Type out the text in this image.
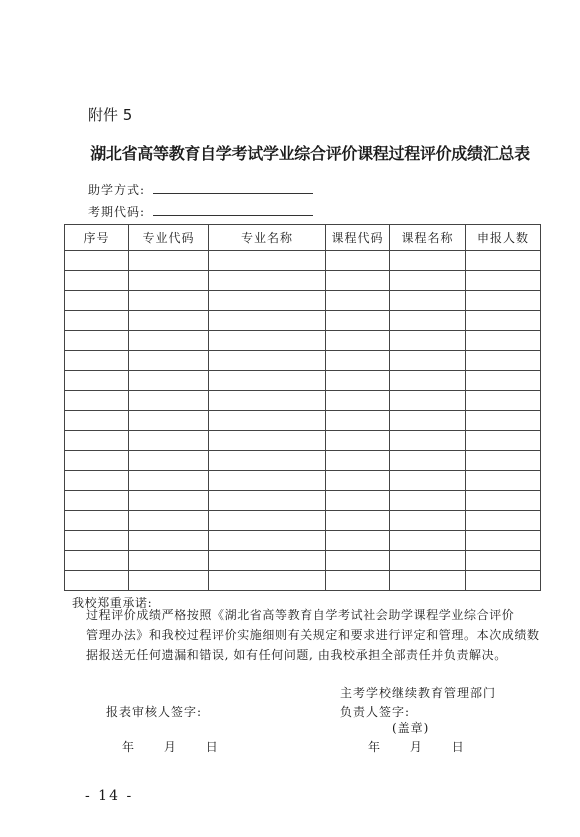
附件 5
湖北省高等教育自学考试学业综合评价课程过程评价成绩汇总表
助学方式:
考期代码:
序号	专业代码	专业名称	课程代码	课程名称	申报人数

我校郑重承诺:
过程评价成绩严格按照《湖北省高等教育自学考试社会助学课程学业综合评价
管理办法》和我校过程评价实施细则有关规定和要求进行评定和管理。本次成绩数
据报送无任何遗漏和错误, 如有任何问题, 由我校承担全部责任并负责解决。
主考学校继续教育管理部门
报表审核人签字:	负责人签字:
(盖章)
年      月      日	年      月      日
- 14 -
